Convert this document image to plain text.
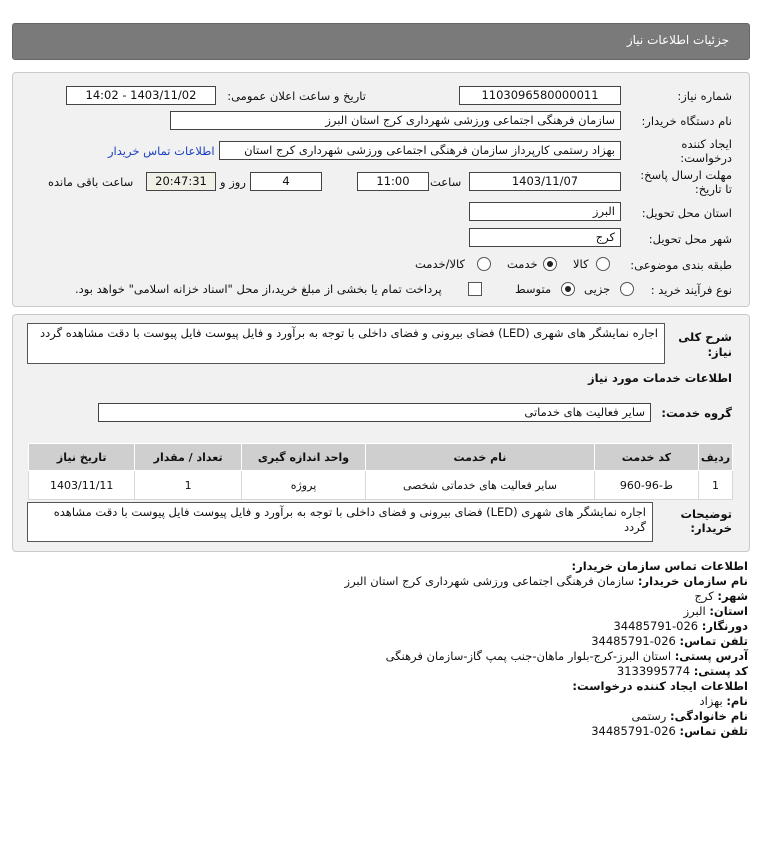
جزئیات اطلاعات نیاز
شماره نیاز:
1103096580000011
تاریخ و ساعت اعلان عمومی:
1403/11/02 - 14:02
نام دستگاه خریدار:
سازمان فرهنگی اجتماعی ورزشی شهرداری کرج استان البرز
ایجاد کننده
درخواست:
بهزاد رستمی کارپرداز سازمان فرهنگی اجتماعی ورزشی شهرداری کرج استان
اطلاعات تماس خریدار
مهلت ارسال پاسخ:
تا تاریخ:
1403/11/07
ساعت
11:00
4
روز و
20:47:31
ساعت باقی مانده
استان محل تحویل:
البرز
شهر محل تحویل:
کرج
طبقه بندی موضوعی:
کالا
خدمت
کالا/خدمت
نوع فرآیند خرید :
جزیی
متوسط
پرداخت تمام یا بخشی از مبلغ خرید،از محل "اسناد خزانه اسلامی" خواهد بود.
شرح کلی
نیاز:
اجاره نمایشگر های شهری (LED) فضای بیرونی و فضای داخلی با توجه به برآورد و فایل پیوست فایل پیوست با دقت مشاهده گردد
اطلاعات خدمات مورد نیاز
گروه خدمت:
سایر فعالیت های خدماتی
ردیف	کد خدمت	نام خدمت	واحد اندازه گیری	تعداد / مقدار	تاریخ نیاز
1	ط-96-960	سایر فعالیت های خدماتی شخصی	پروژه	1	1403/11/11
توضیحات
خریدار:
اجاره نمایشگر های شهری (LED) فضای بیرونی و فضای داخلی با توجه به برآورد و فایل پیوست فایل پیوست با دقت مشاهده گردد
اطلاعات تماس سازمان خریدار:
نام سازمان خریدار: سازمان فرهنگی اجتماعی ورزشی شهرداری کرج استان البرز
شهر: کرج
استان: البرز
دورنگار: 026-34485791
تلفن تماس: 026-34485791
آدرس پستی: استان البرز-کرج-بلوار ماهان-جنب پمپ گاز-سازمان فرهنگی
کد پستی: 3133995774
اطلاعات ایجاد کننده درخواست:
نام: بهزاد
نام خانوادگی: رستمی
تلفن تماس: 026-34485791
